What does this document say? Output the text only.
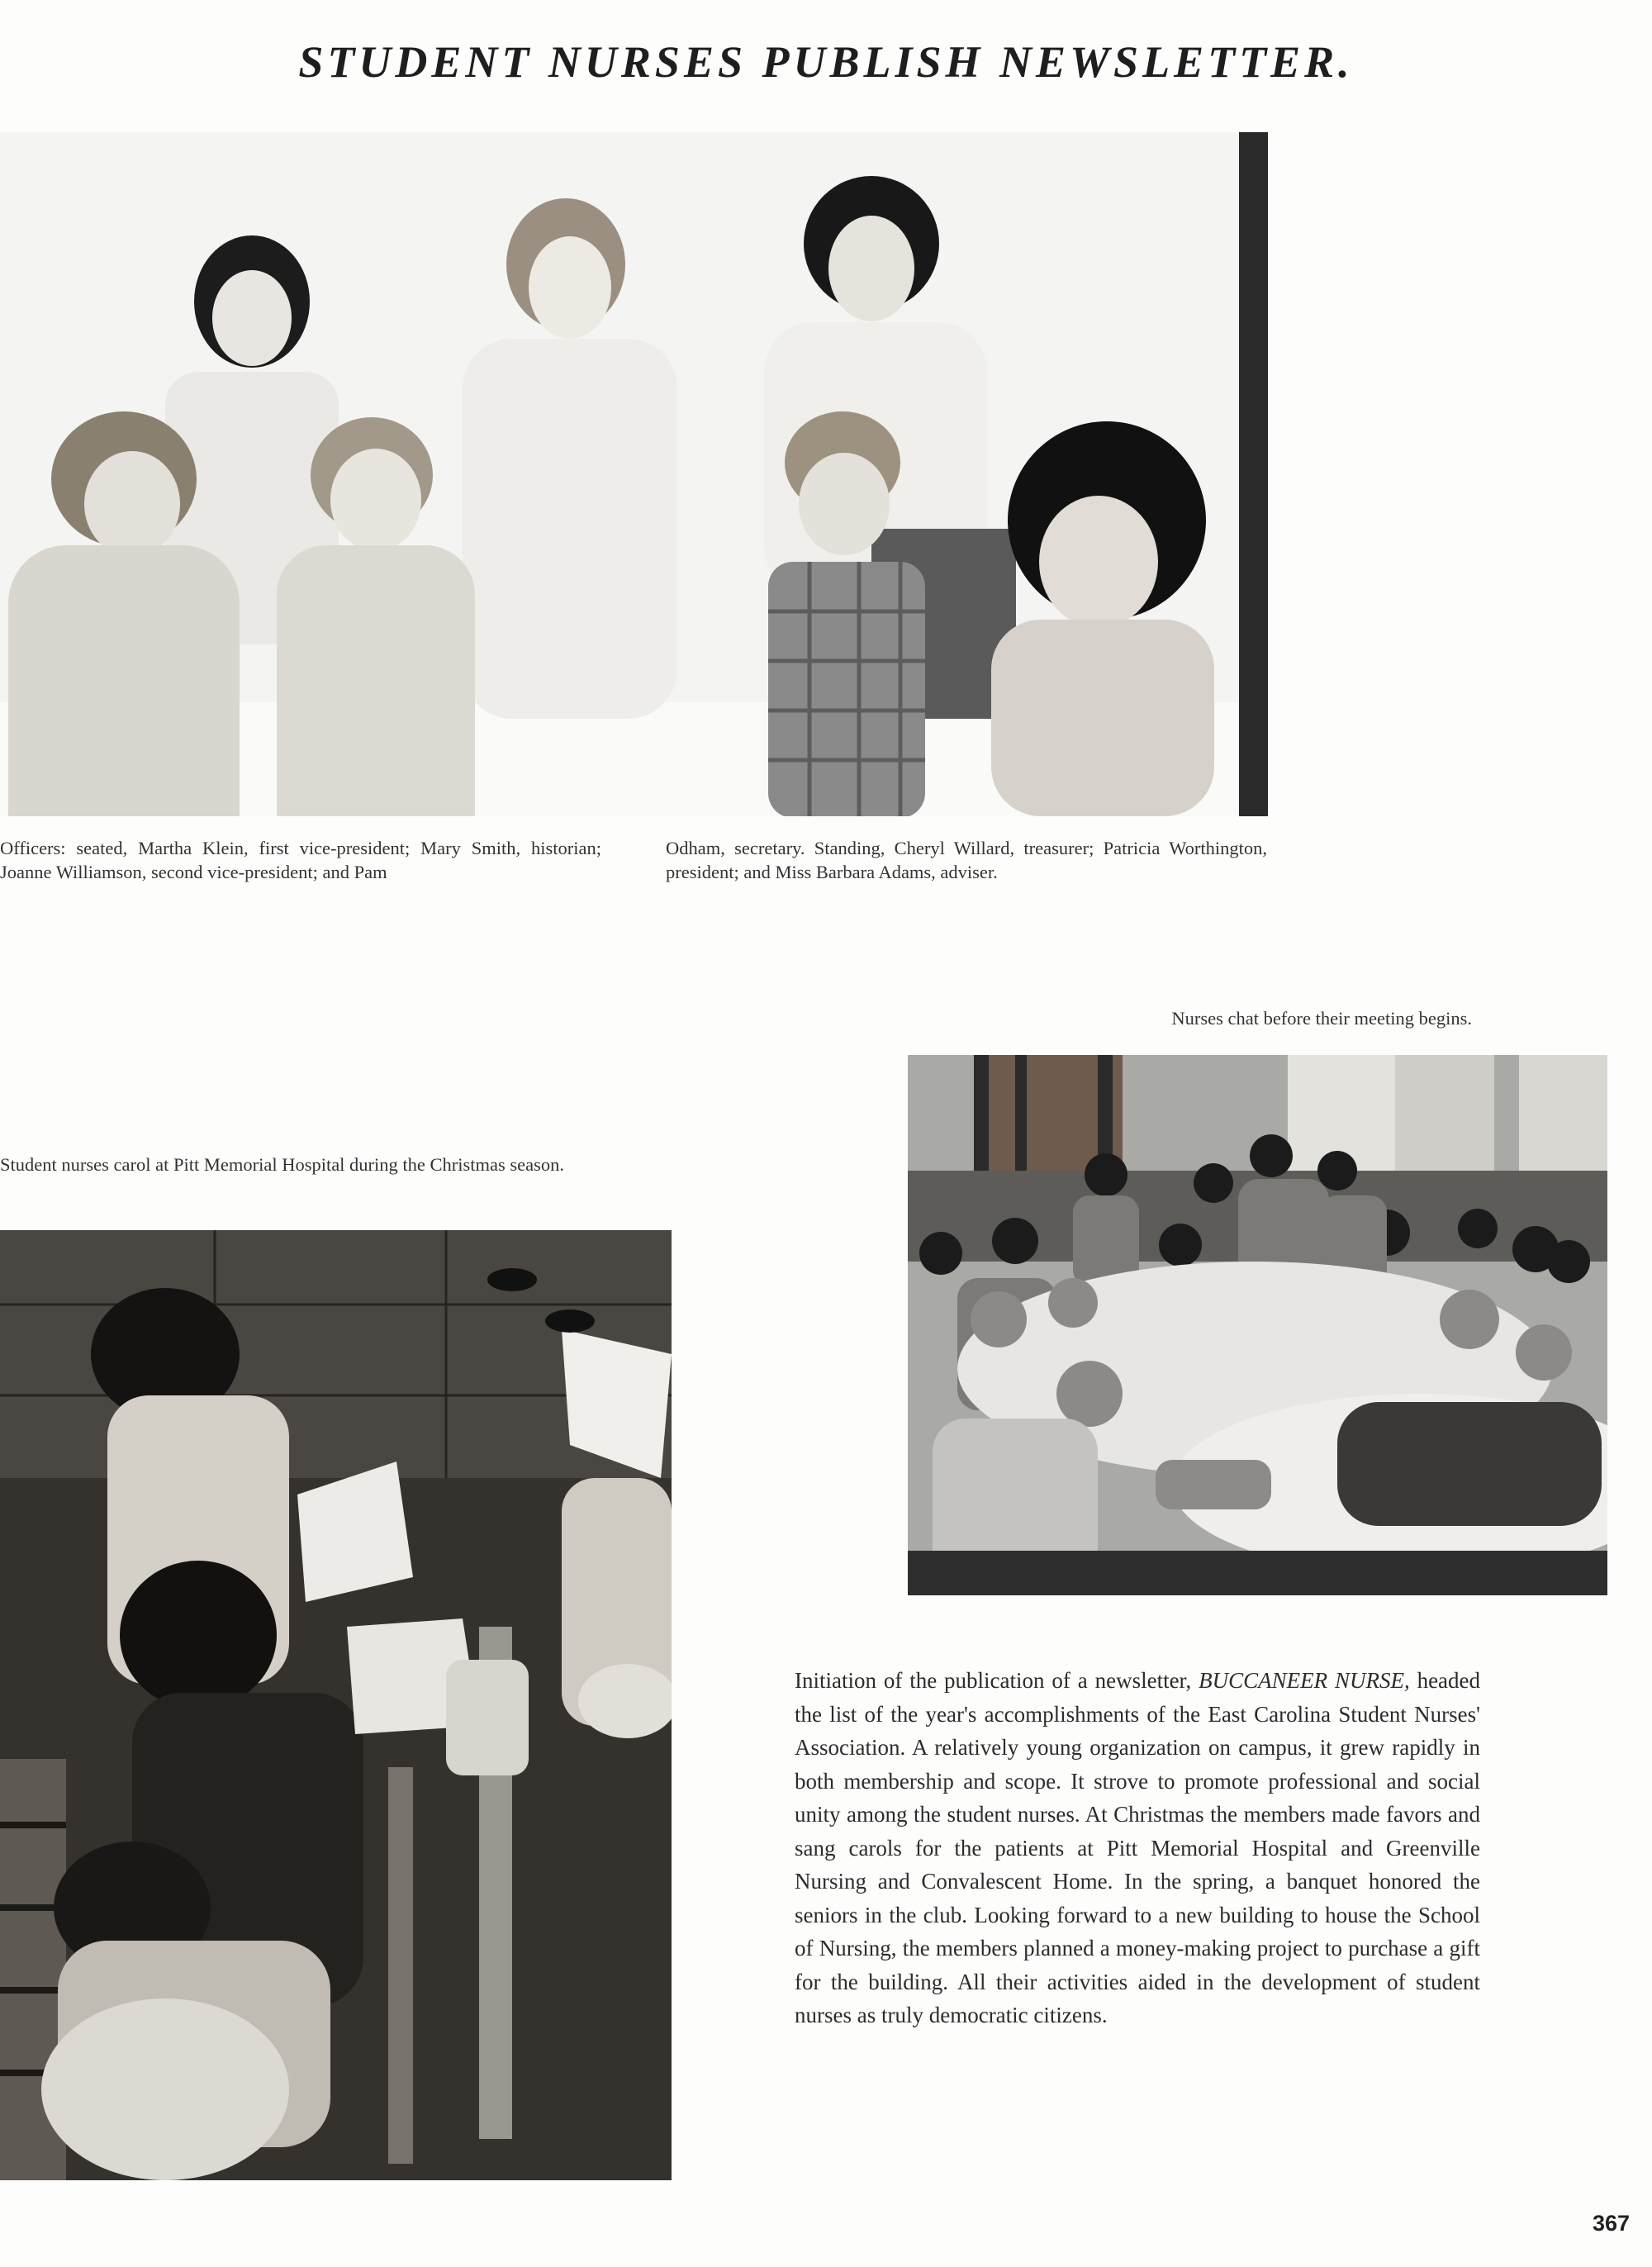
STUDENT NURSES PUBLISH NEWSLETTER.
Officers: seated, Martha Klein, first vice-president; Mary Smith, historian; Joanne Williamson, second vice-president; and Pam
Odham, secretary. Standing, Cheryl Willard, treasurer; Patricia Worthington, president; and Miss Barbara Adams, adviser.
Nurses chat before their meeting begins.
Student nurses carol at Pitt Memorial Hospital during the Christmas season.
Initiation of the publication of a newsletter, BUCCANEER NURSE, headed the list of the year's accomplishments of the East Carolina Student Nurses' Association. A relatively young organization on campus, it grew rapidly in both membership and scope. It strove to promote professional and social unity among the student nurses. At Christmas the members made favors and sang carols for the patients at Pitt Memorial Hospital and Greenville Nursing and Convalescent Home. In the spring, a banquet honored the seniors in the club. Looking forward to a new building to house the School of Nursing, the members planned a money-making project to purchase a gift for the building. All their activities aided in the development of student nurses as truly democratic citizens.
367
